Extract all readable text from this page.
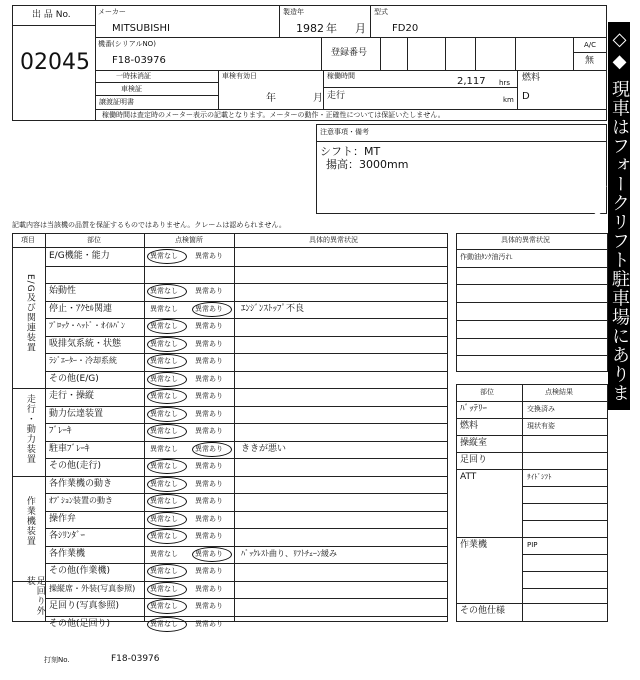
出 品 No.
02045
メーカー
MITSUBISHI
製造年
1982 年 月
型式
FD20
機番(シリアルNO)
F18-03976
登録番号
A/C
無
一時抹消証
車検証
譲渡証明書
車検有効日
年	月
稼働時間	2,117 hrs
km
走行
燃料
D
稼働時間は査定時のメーター表示の記載となります。メーターの動作・正確性については保証いたしません。
注意事項・備考
シフト：MT
揚高：3000mm	◇◆ 現車はフォークリフト駐車場にあります ◆◇
記載内容は当該機の品質を保証するものではありません。クレームは認められません。
項目	部位	点検箇所	具体的異常状況
E/G機能・能力	異常なし 異常あり
始動性	異常なし 異常あり
停止・ｱｸｾﾙ関連	異常なし 異常あり ｴﾝｼﾞﾝｽﾄｯﾌﾟ不良
ﾌﾞﾛｯｸ・ﾍｯﾄﾞ・ｵｲﾙﾊﾟﾝ	異常なし 異常あり
吸排気系統・状態	異常なし 異常あり
ﾗｼﾞｴｰﾀｰ・冷却系統	異常なし 異常あり
その他(E/G)	異常なし 異常あり
走行・操縦	異常なし 異常あり
動力伝達装置	異常なし 異常あり
ﾌﾞﾚｰｷ	異常なし 異常あり
駐車ﾌﾞﾚｰｷ	異常なし 異常あり ききが悪い
その他(走行)	異常なし 異常あり
各作業機の動き	異常なし 異常あり
ｵﾌﾟｼｮﾝ装置の動き	異常なし 異常あり
操作弁	異常なし 異常あり
各ｼﾘﾝﾀﾞｰ	異常なし 異常あり
各作業機	異常なし 異常あり ﾊﾞｯｸﾚｽﾄ曲り、ﾘﾌﾄﾁｪｰﾝ緩み
その他(作業機)	異常なし 異常あり
操縦席・外装(写真参照) 異常なし 異常あり
足回り(写真参照)	異常なし 異常あり
その他(足回り)	異常なし 異常あり
E/G及び関連装置
走行・動力装置
作業機装置
足回り外装
具体的異常状況
作動油ﾀﾝｸ油汚れ
部位	点検結果
ﾊﾞｯﾃﾘｰ	交換済み
燃料	現状有姿
操縦室
足回り
ATT	ｻｲﾄﾞｼﾌﾄ
作業機	PIP
その他仕様
打刻No.	F18-03976
